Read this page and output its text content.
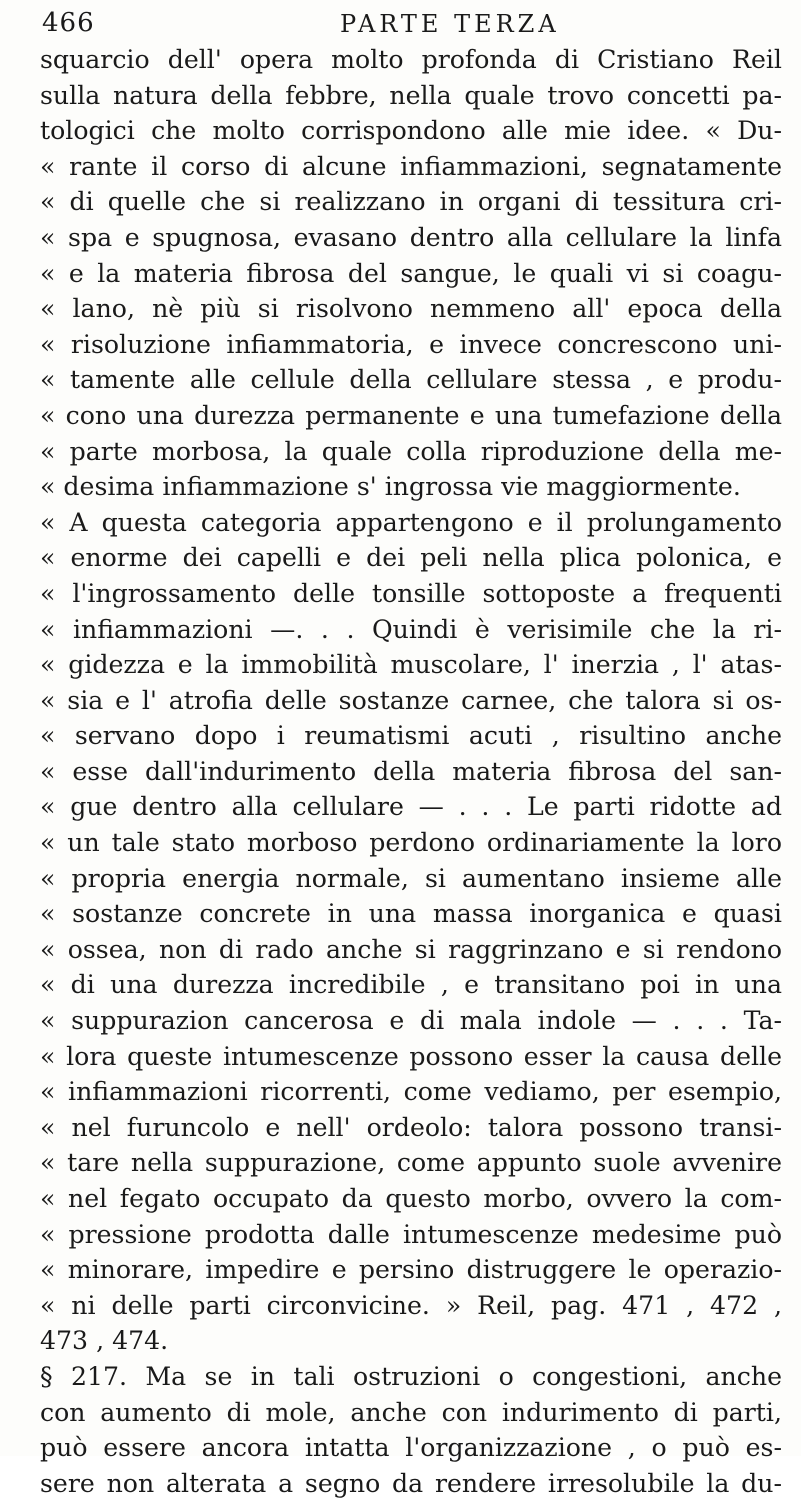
466	PARTE TERZA
squarcio dell' opera molto profonda di Cristiano Reil
sulla natura della febbre, nella quale trovo concetti pa-
tologici che molto corrispondono alle mie idee. « Du-
« rante il corso di alcune infiammazioni, segnatamente
« di quelle che si realizzano in organi di tessitura cri-
« spa e spugnosa, evasano dentro alla cellulare la linfa
« e la materia fibrosa del sangue, le quali vi si coagu-
« lano, nè più si risolvono nemmeno all' epoca della
« risoluzione infiammatoria, e invece concrescono uni-
« tamente alle cellule della cellulare stessa , e produ-
« cono una durezza permanente e una tumefazione della
« parte morbosa, la quale colla riproduzione della me-
« desima infiammazione s' ingrossa vie maggiormente.
« A questa categoria appartengono e il prolungamento
« enorme dei capelli e dei peli nella plica polonica, e
« l'ingrossamento delle tonsille sottoposte a frequenti
« infiammazioni —. . . Quindi è verisimile che la ri-
« gidezza e la immobilità muscolare, l' inerzia , l' atas-
« sia e l' atrofia delle sostanze carnee, che talora si os-
« servano dopo i reumatismi acuti , risultino anche
« esse dall'indurimento della materia fibrosa del san-
« gue dentro alla cellulare — . . . Le parti ridotte ad
« un tale stato morboso perdono ordinariamente la loro
« propria energia normale, si aumentano insieme alle
« sostanze concrete in una massa inorganica e quasi
« ossea, non di rado anche si raggrinzano e si rendono
« di una durezza incredibile , e transitano poi in una
« suppurazion cancerosa e di mala indole — . . . Ta-
« lora queste intumescenze possono esser la causa delle
« infiammazioni ricorrenti, come vediamo, per esempio,
« nel furuncolo e nell' ordeolo: talora possono transi-
« tare nella suppurazione, come appunto suole avvenire
« nel fegato occupato da questo morbo, ovvero la com-
« pressione prodotta dalle intumescenze medesime può
« minorare, impedire e persino distruggere le operazio-
« ni delle parti circonvicine. » Reil, pag. 471 , 472 ,
473 , 474.
§ 217. Ma se in tali ostruzioni o congestioni, anche
con aumento di mole, anche con indurimento di parti,
può essere ancora intatta l'organizzazione , o può es-
sere non alterata a segno da rendere irresolubile la du-
